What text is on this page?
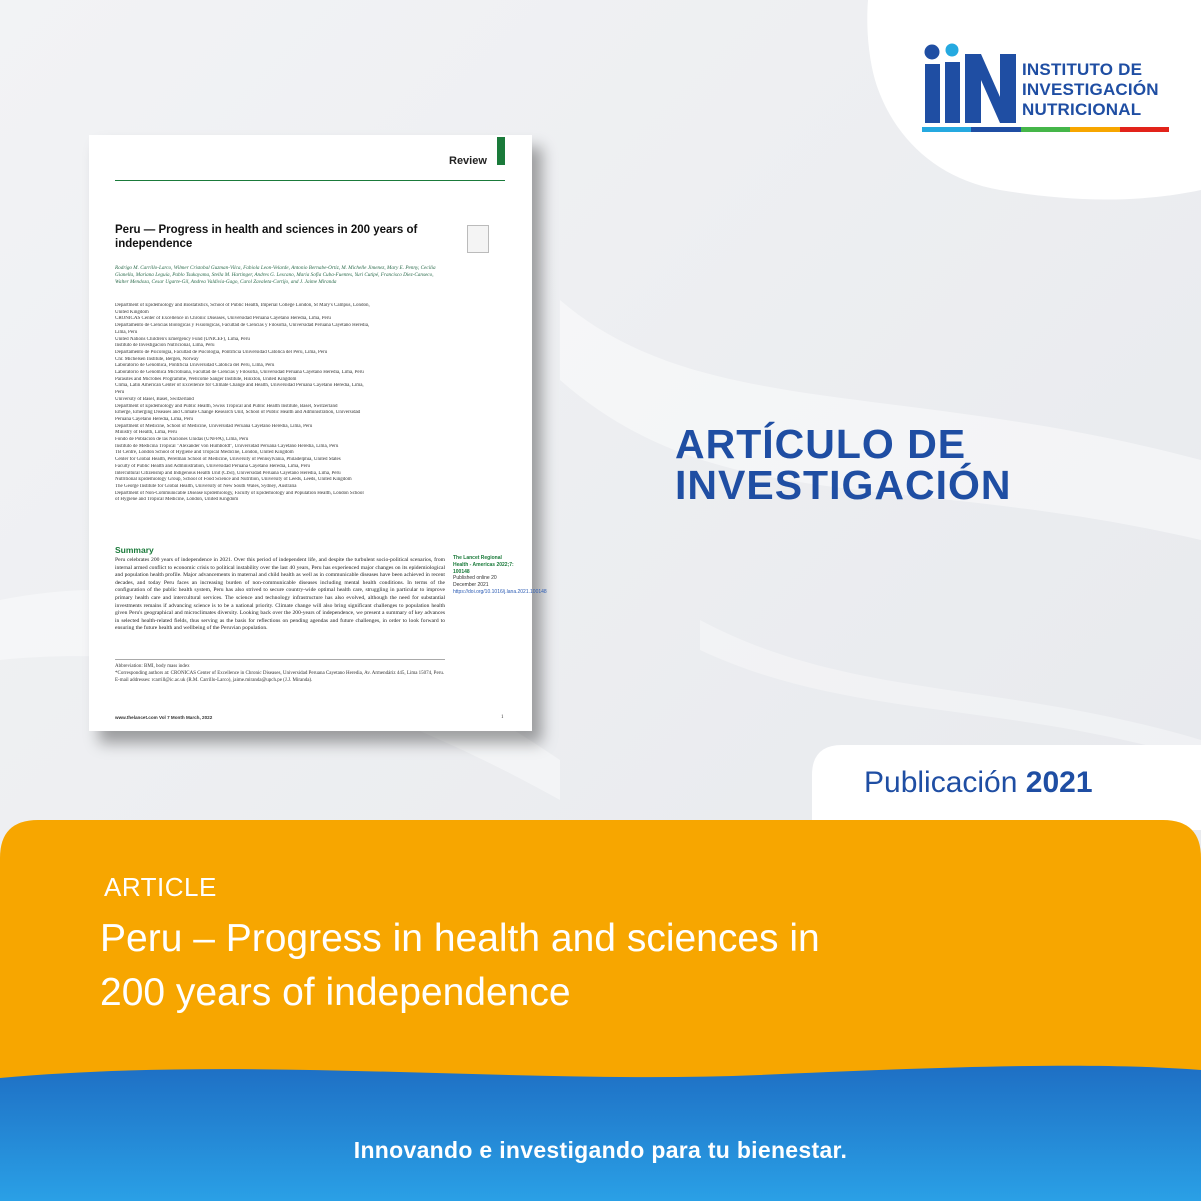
INSTITUTO DE
INVESTIGACIÓN
NUTRICIONAL
Review
Peru — Progress in health and sciences in 200 years of independence
Rodrigo M. Carrillo-Larco, Wilmer Cristobal Guzman-Vilca, Fabiola Leon-Velarde, Antonio Bernabe-Ortiz, M. Michelle Jimenez, Mary E. Penny, Cecilia Gianella, Mariana Leguía, Pablo Tsukayama, Stella M. Hartinger, Andres G. Lescano, Maria Sofía Cuba-Fuentes, Yuri Cutipé, Francisco Diez-Canseco, Walter Mendoza, Cesar Ugarte-Gil, Andrea Valdivia-Gago, Carol Zavaleta-Cortijo, and J. Jaime Miranda
Department of Epidemiology and Biostatistics, School of Public Health, Imperial College London, St Mary's Campus, London,
United Kingdom
CRONICAS Center of Excellence in Chronic Diseases, Universidad Peruana Cayetano Heredia, Lima, Peru
Departamento de Ciencias Biológicas y Fisiológicas, Facultad de Ciencias y Filosofía, Universidad Peruana Cayetano Heredia,
Lima, Peru
United Nations Children's Emergency Fund (UNICEF), Lima, Peru
Instituto de Investigación Nutricional, Lima, Peru
Departamento de Psicología, Facultad de Psicología, Pontificia Universidad Católica del Perú, Lima, Peru
Chr. Michelsen Institute, Bergen, Norway
Laboratorio de Genómica, Pontificia Universidad Católica del Perú, Lima, Peru
Laboratorio de Genómica Microbiana, Facultad de Ciencias y Filosofía, Universidad Peruana Cayetano Heredia, Lima, Peru
Parasites and Microbes Programme, Wellcome Sanger Institute, Hinxton, United Kingdom
Clima, Latin American Center of Excellence for Climate Change and Health, Universidad Peruana Cayetano Heredia, Lima,
Peru
University of Basel, Basel, Switzerland
Department of Epidemiology and Public Health, Swiss Tropical and Public Health Institute, Basel, Switzerland
Emerge, Emerging Diseases and Climate Change Research Unit, School of Public Health and Administration, Universidad
Peruana Cayetano Heredia, Lima, Peru
Department of Medicine, School of Medicine, Universidad Peruana Cayetano Heredia, Lima, Peru
Ministry of Health, Lima, Peru
Fondo de Población de las Naciones Unidas (UNFPA), Lima, Peru
Instituto de Medicina Tropical "Alexander von Humboldt", Universidad Peruana Cayetano Heredia, Lima, Peru
TB Centre, London School of Hygiene and Tropical Medicine, London, United Kingdom
Center for Global Health, Perelman School of Medicine, University of Pennsylvania, Philadelphia, United States
Faculty of Public Health and Administration, Universidad Peruana Cayetano Heredia, Lima, Peru
Intercultural Citizenship and Indigenous Health Unit (CISI), Universidad Peruana Cayetano Heredia, Lima, Peru
Nutritional Epidemiology Group, School of Food Science and Nutrition, University of Leeds, Leeds, United Kingdom
The George Institute for Global Health, University of New South Wales, Sydney, Australia
Department of Non-Communicable Disease Epidemiology, Faculty of Epidemiology and Population Health, London School
of Hygiene and Tropical Medicine, London, United Kingdom
Summary
Peru celebrates 200 years of independence in 2021. Over this period of independent life, and despite the turbulent socio-political scenarios, from internal armed conflict to economic crisis to political instability over the last 40 years, Peru has experienced major changes on its epidemiological and population health profile. Major advancements in maternal and child health as well as in communicable diseases have been achieved in recent decades, and today Peru faces an increasing burden of non-communicable diseases including mental health conditions. In terms of the configuration of the public health system, Peru has also strived to secure country-wide optimal health care, struggling in particular to improve primary health care and intercultural services. The science and technology infrastructure has also evolved, although the need for substantial investments remains if advancing science is to be a national priority. Climate change will also bring significant challenges to population health given Peru's geographical and microclimates diversity. Looking back over the 200-years of independence, we present a summary of key advances in selected health-related fields, thus serving as the basis for reflections on pending agendas and future challenges, in order to look forward to ensuring the future health and wellbeing of the Peruvian population.
The Lancet Regional Health - Americas 2022;7: 100148
Published online 20 December 2021
https://doi.org/10.1016/j.lana.2021.100148
Abbreviation: BMI, body mass index
*Corresponding authors at: CRONICAS Center of Excellence in Chronic Diseases, Universidad Peruana Cayetano Heredia, Av. Armendáriz 445, Lima 15074, Peru.
E-mail addresses: rcarrill@ic.ac.uk (R.M. Carrillo-Larco), jaime.miranda@upch.pe (J.J. Miranda).
www.thelancet.com Vol 7 Month March, 2022	1
ARTÍCULO DE
INVESTIGACIÓN
Publicación 2021
ARTICLE
Peru – Progress in health and sciences in
200 years of independence
Innovando e investigando para tu bienestar.
